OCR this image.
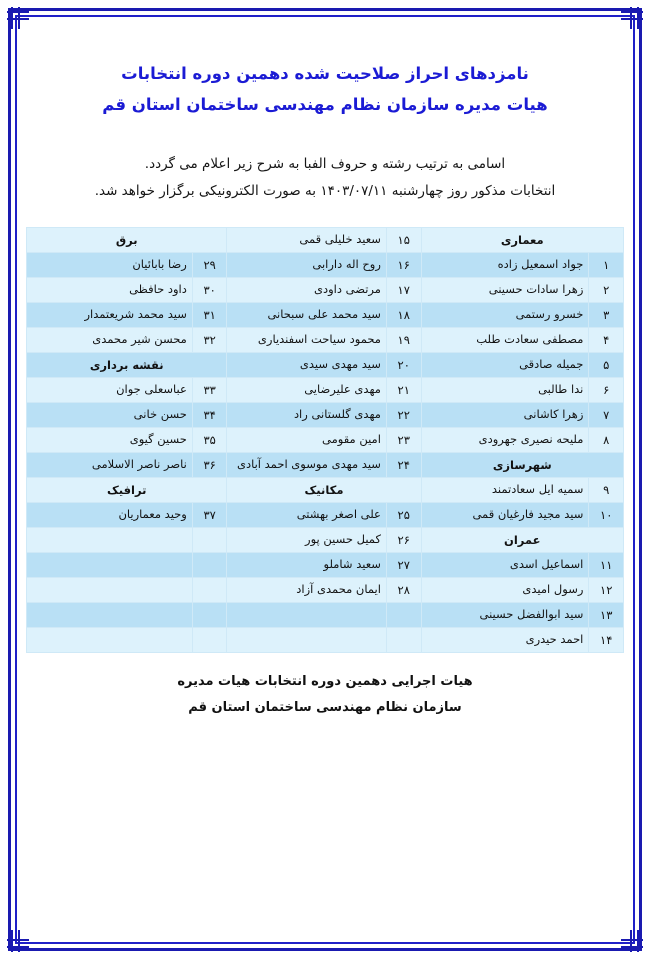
نامزدهای احراز صلاحیت شده دهمین دوره انتخابات
هیات مدیره سازمان نظام مهندسی ساختمان استان قم
اسامی به ترتیب رشته و حروف الفبا به شرح زیر اعلام می گردد.
انتخابات مذکور روز چهارشنبه ۱۴۰۳/۰۷/۱۱ به صورت الکترونیکی برگزار خواهد شد.
معماری		۱۵	سعید خلیلی قمی	برق	
۱	جواد اسمعیل زاده	۱۶	روح اله دارابی	۲۹	رضا بابائیان
۲	زهرا سادات حسینی	۱۷	مرتضی داودی	۳۰	داود حافظی
۳	خسرو رستمی	۱۸	سید محمد علی سبحانی	۳۱	سید محمد شریعتمدار
۴	مصطفی سعادت طلب	۱۹	محمود سیاحت اسفندیاری	۳۲	محسن شیر محمدی
۵	جمیله صادقی	۲۰	سید مهدی سیدی	نقشه برداری	
۶	ندا طالبی	۲۱	مهدی علیرضایی	۳۳	عباسعلی جوان
۷	زهرا کاشانی	۲۲	مهدی گلستانی راد	۳۴	حسن خانی
۸	ملیحه نصیری جهرودی	۲۳	امین مقومی	۳۵	حسین گیوی
شهرسازی		۲۴	سید مهدی موسوی احمد آبادی	۳۶	ناصر ناصر الاسلامی
۹	سمیه ایل سعادتمند	مکانیک		ترافیک	
۱۰	سید مجید فارغیان قمی	۲۵	علی اصغر بهشتی	۳۷	وحید معماریان
عمران		۲۶	کمیل حسین پور		
۱۱	اسماعیل اسدی	۲۷	سعید شاملو		
۱۲	رسول امیدی	۲۸	ایمان محمدی آزاد		
۱۳	سید ابوالفضل حسینی				
۱۴	احمد حیدری				
هیات اجرایی دهمین دوره انتخابات هیات مدیره
سازمان نظام مهندسی ساختمان استان قم
